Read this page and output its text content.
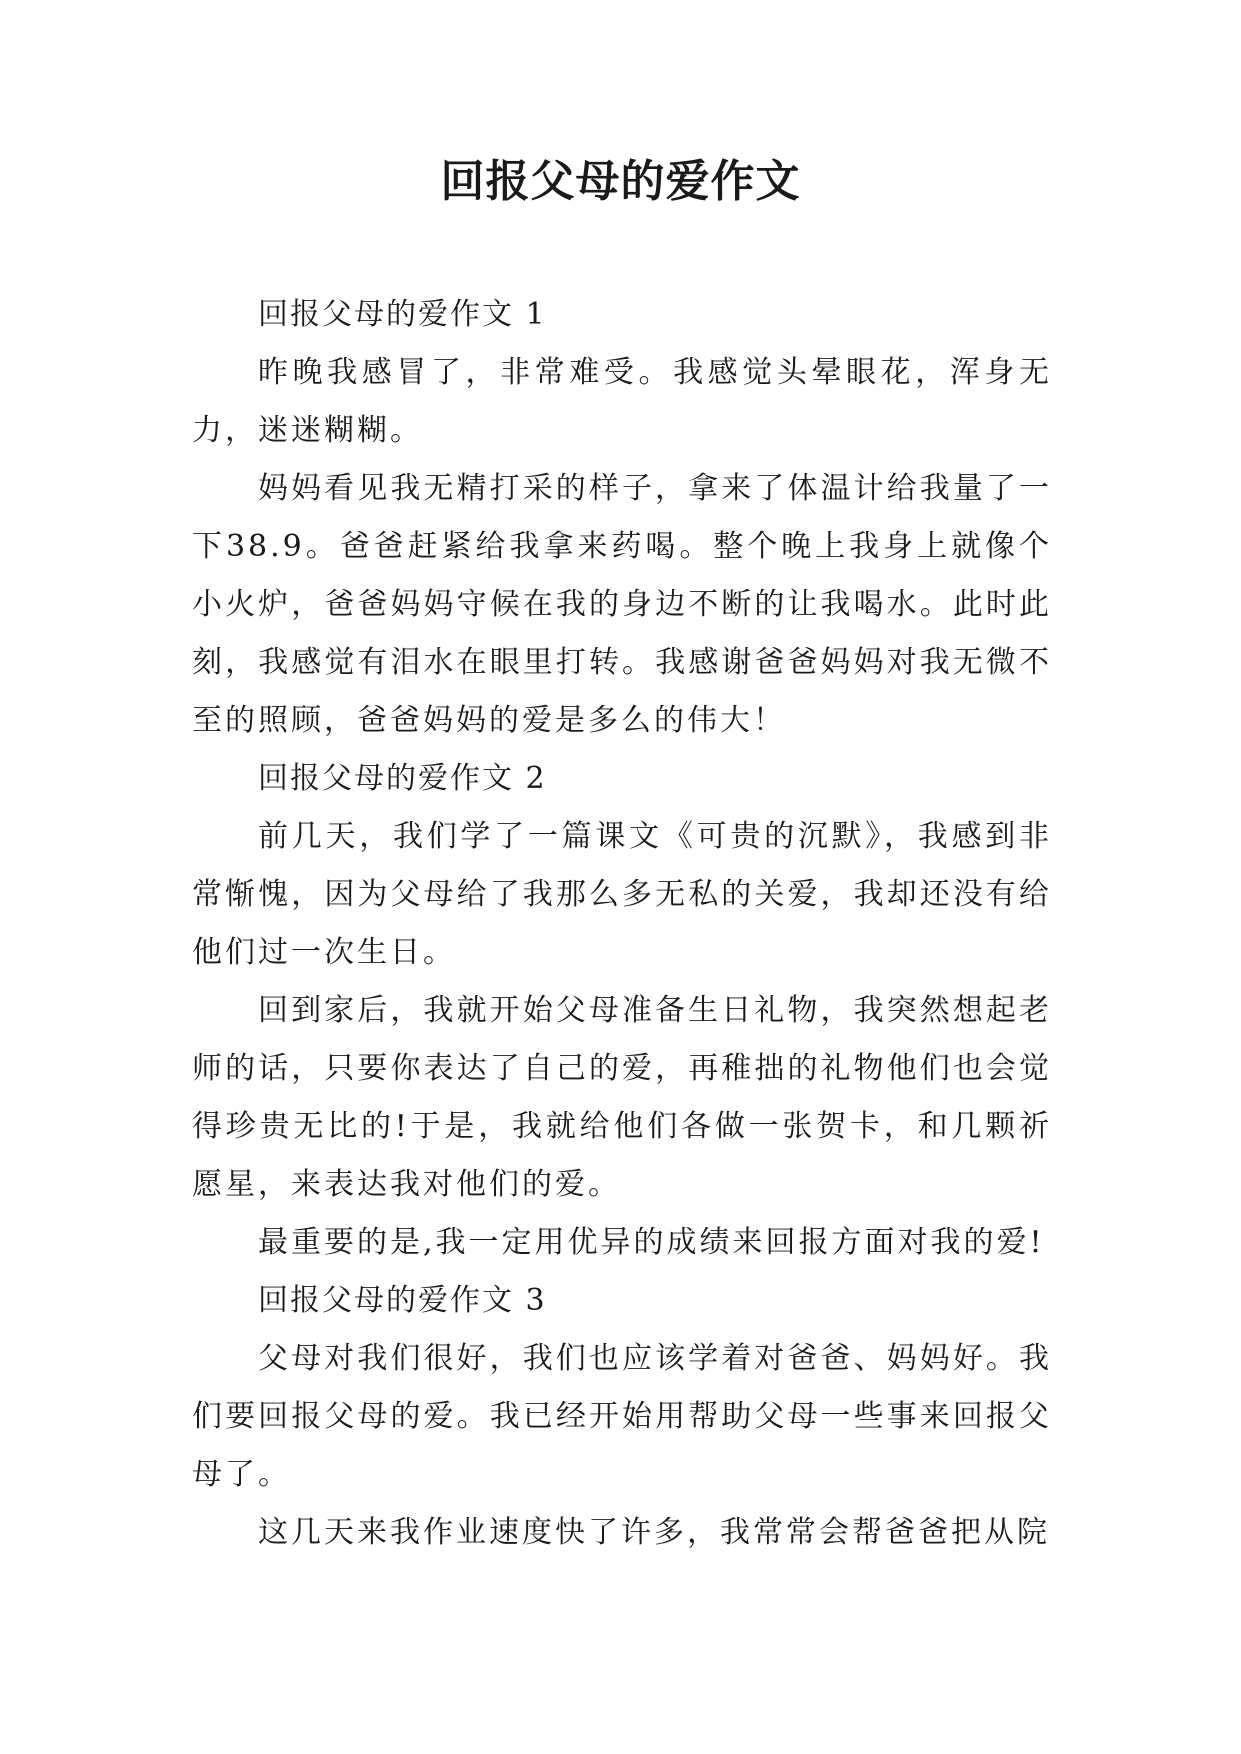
回报父母的爱作文

回报父母的爱作文 1

昨晚我感冒了，非常难受。我感觉头晕眼花，浑身无力，迷迷糊糊。

妈妈看见我无精打采的样子，拿来了体温计给我量了一下38.9。爸爸赶紧给我拿来药喝。整个晚上我身上就像个小火炉，爸爸妈妈守候在我的身边不断的让我喝水。此时此刻，我感觉有泪水在眼里打转。我感谢爸爸妈妈对我无微不至的照顾，爸爸妈妈的爱是多么的伟大！

回报父母的爱作文 2

前几天，我们学了一篇课文《可贵的沉默》，我感到非常惭愧，因为父母给了我那么多无私的关爱，我却还没有给他们过一次生日。

回到家后，我就开始父母准备生日礼物，我突然想起老师的话，只要你表达了自己的爱，再稚拙的礼物他们也会觉得珍贵无比的!于是，我就给他们各做一张贺卡，和几颗祈愿星，来表达我对他们的爱。

最重要的是,我一定用优异的成绩来回报方面对我的爱!

回报父母的爱作文 3

父母对我们很好，我们也应该学着对爸爸、妈妈好。我们要回报父母的爱。我已经开始用帮助父母一些事来回报父母了。

这几天来我作业速度快了许多，我常常会帮爸爸把从院
